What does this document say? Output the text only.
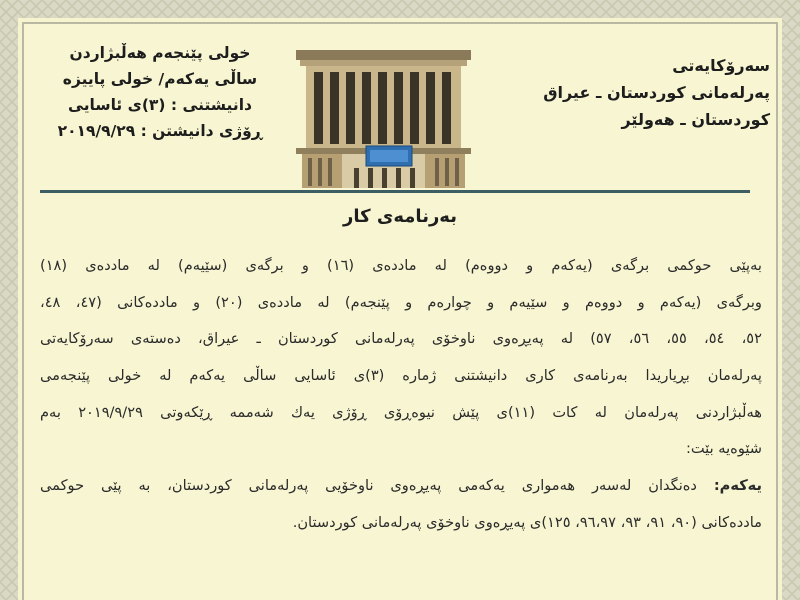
خولی پێنجەم هەڵبژاردن
ساڵی یەکەم/ خولی پاییزە
دانیشتنی : (٣)ی ئاسایی
ڕۆژی دانیشتن : ٢٠١٩/٩/٢٩
سەرۆکایەتی
پەرلەمانی کوردستان ـ عیراق
کوردستان ـ هەولێر
بەرنامەی کار
بەپێی حوکمی برگەی (یەکەم و دووەم) لە ماددەی (١٦) و برگەی (سێیەم) لە ماددەی (١٨)
وبرگەی (یەکەم و دووەم و سێیەم و چوارەم و پێنجەم) لە ماددەی (٢٠) و ماددەکانی (٤٧، ٤٨،
٥٢، ٥٤، ٥٥، ٥٦، ٥٧) لە پەیڕەوی ناوخۆی پەرلەمانی کوردستان ـ عیراق، دەستەی سەرۆکایەتی
پەرلەمان بڕیاریدا بەرنامەی کاری دانیشتنی ژمارە (٣)ی ئاسایی ساڵی یەکەم لە خولی پێنجەمی
هەڵبژاردنی پەرلەمان لە کات (١١)ی پێش نیوەڕۆی ڕۆژی یەك شەممە ڕێکەوتی ٢٠١٩/٩/٢٩ بەم
شێوەیە بێت:
یەکەم: دەنگدان لەسەر هەمواری یەکەمی پەیڕەوی ناوخۆیی پەرلەمانی کوردستان، بە پێی حوکمی
ماددەکانی (٩٠، ٩١، ٩٣، ٩٦،٩٧، ١٢٥)ی پەیڕەوی ناوخۆی پەرلەمانی کوردستان.
